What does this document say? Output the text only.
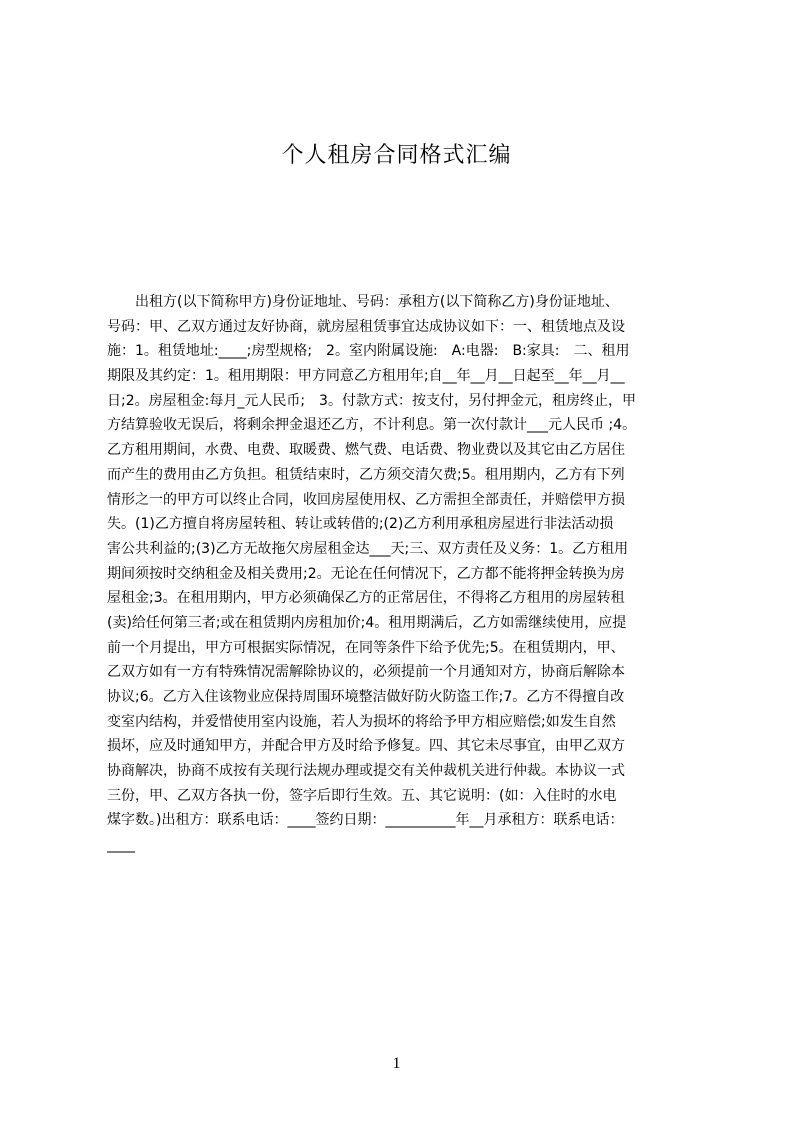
个人租房合同格式汇编
　　出租方(以下简称甲方)身份证地址、号码：承租方(以下简称乙方)身份证地址、
号码：甲、乙双方通过友好协商，就房屋租赁事宜达成协议如下：一、租赁地点及设
施：1。租赁地址:____;房型规格;　2。室内附属设施:　A:电器:　B:家具:　二、租用
期限及其约定：1。租用期限：甲方同意乙方租用年;自__年__月__日起至__年__月__
日;2。房屋租金:每月_元人民币;　3。付款方式：按支付，另付押金元，租房终止，甲
方结算验收无误后，将剩余押金退还乙方，不计利息。第一次付款计___元人民币 ;4。
乙方租用期间，水费、电费、取暖费、燃气费、电话费、物业费以及其它由乙方居住
而产生的费用由乙方负担。租赁结束时，乙方须交清欠费;5。租用期内，乙方有下列
情形之一的甲方可以终止合同，收回房屋使用权、乙方需担全部责任，并赔偿甲方损
失。(1)乙方擅自将房屋转租、转让或转借的;(2)乙方利用承租房屋进行非法活动损
害公共利益的;(3)乙方无故拖欠房屋租金达___天;三、双方责任及义务：1。乙方租用
期间须按时交纳租金及相关费用;2。无论在任何情况下，乙方都不能将押金转换为房
屋租金;3。在租用期内，甲方必须确保乙方的正常居住，不得将乙方租用的房屋转租
(卖)给任何第三者;或在租赁期内房租加价;4。租用期满后，乙方如需继续使用，应提
前一个月提出，甲方可根据实际情况，在同等条件下给予优先;5。在租赁期内，甲、
乙双方如有一方有特殊情况需解除协议的，必须提前一个月通知对方，协商后解除本
协议;6。乙方入住该物业应保持周围环境整洁做好防火防盗工作;7。乙方不得擅自改
变室内结构，并爱惜使用室内设施，若人为损坏的将给予甲方相应赔偿;如发生自然
损坏，应及时通知甲方，并配合甲方及时给予修复。四、其它未尽事宜，由甲乙双方
协商解决，协商不成按有关现行法规办理或提交有关仲裁机关进行仲裁。本协议一式
三份，甲、乙双方各执一份，签字后即行生效。五、其它说明：(如：入住时的水电
煤字数。)出租方：联系电话：____签约日期：__________年__月承租方：联系电话：
____
1
